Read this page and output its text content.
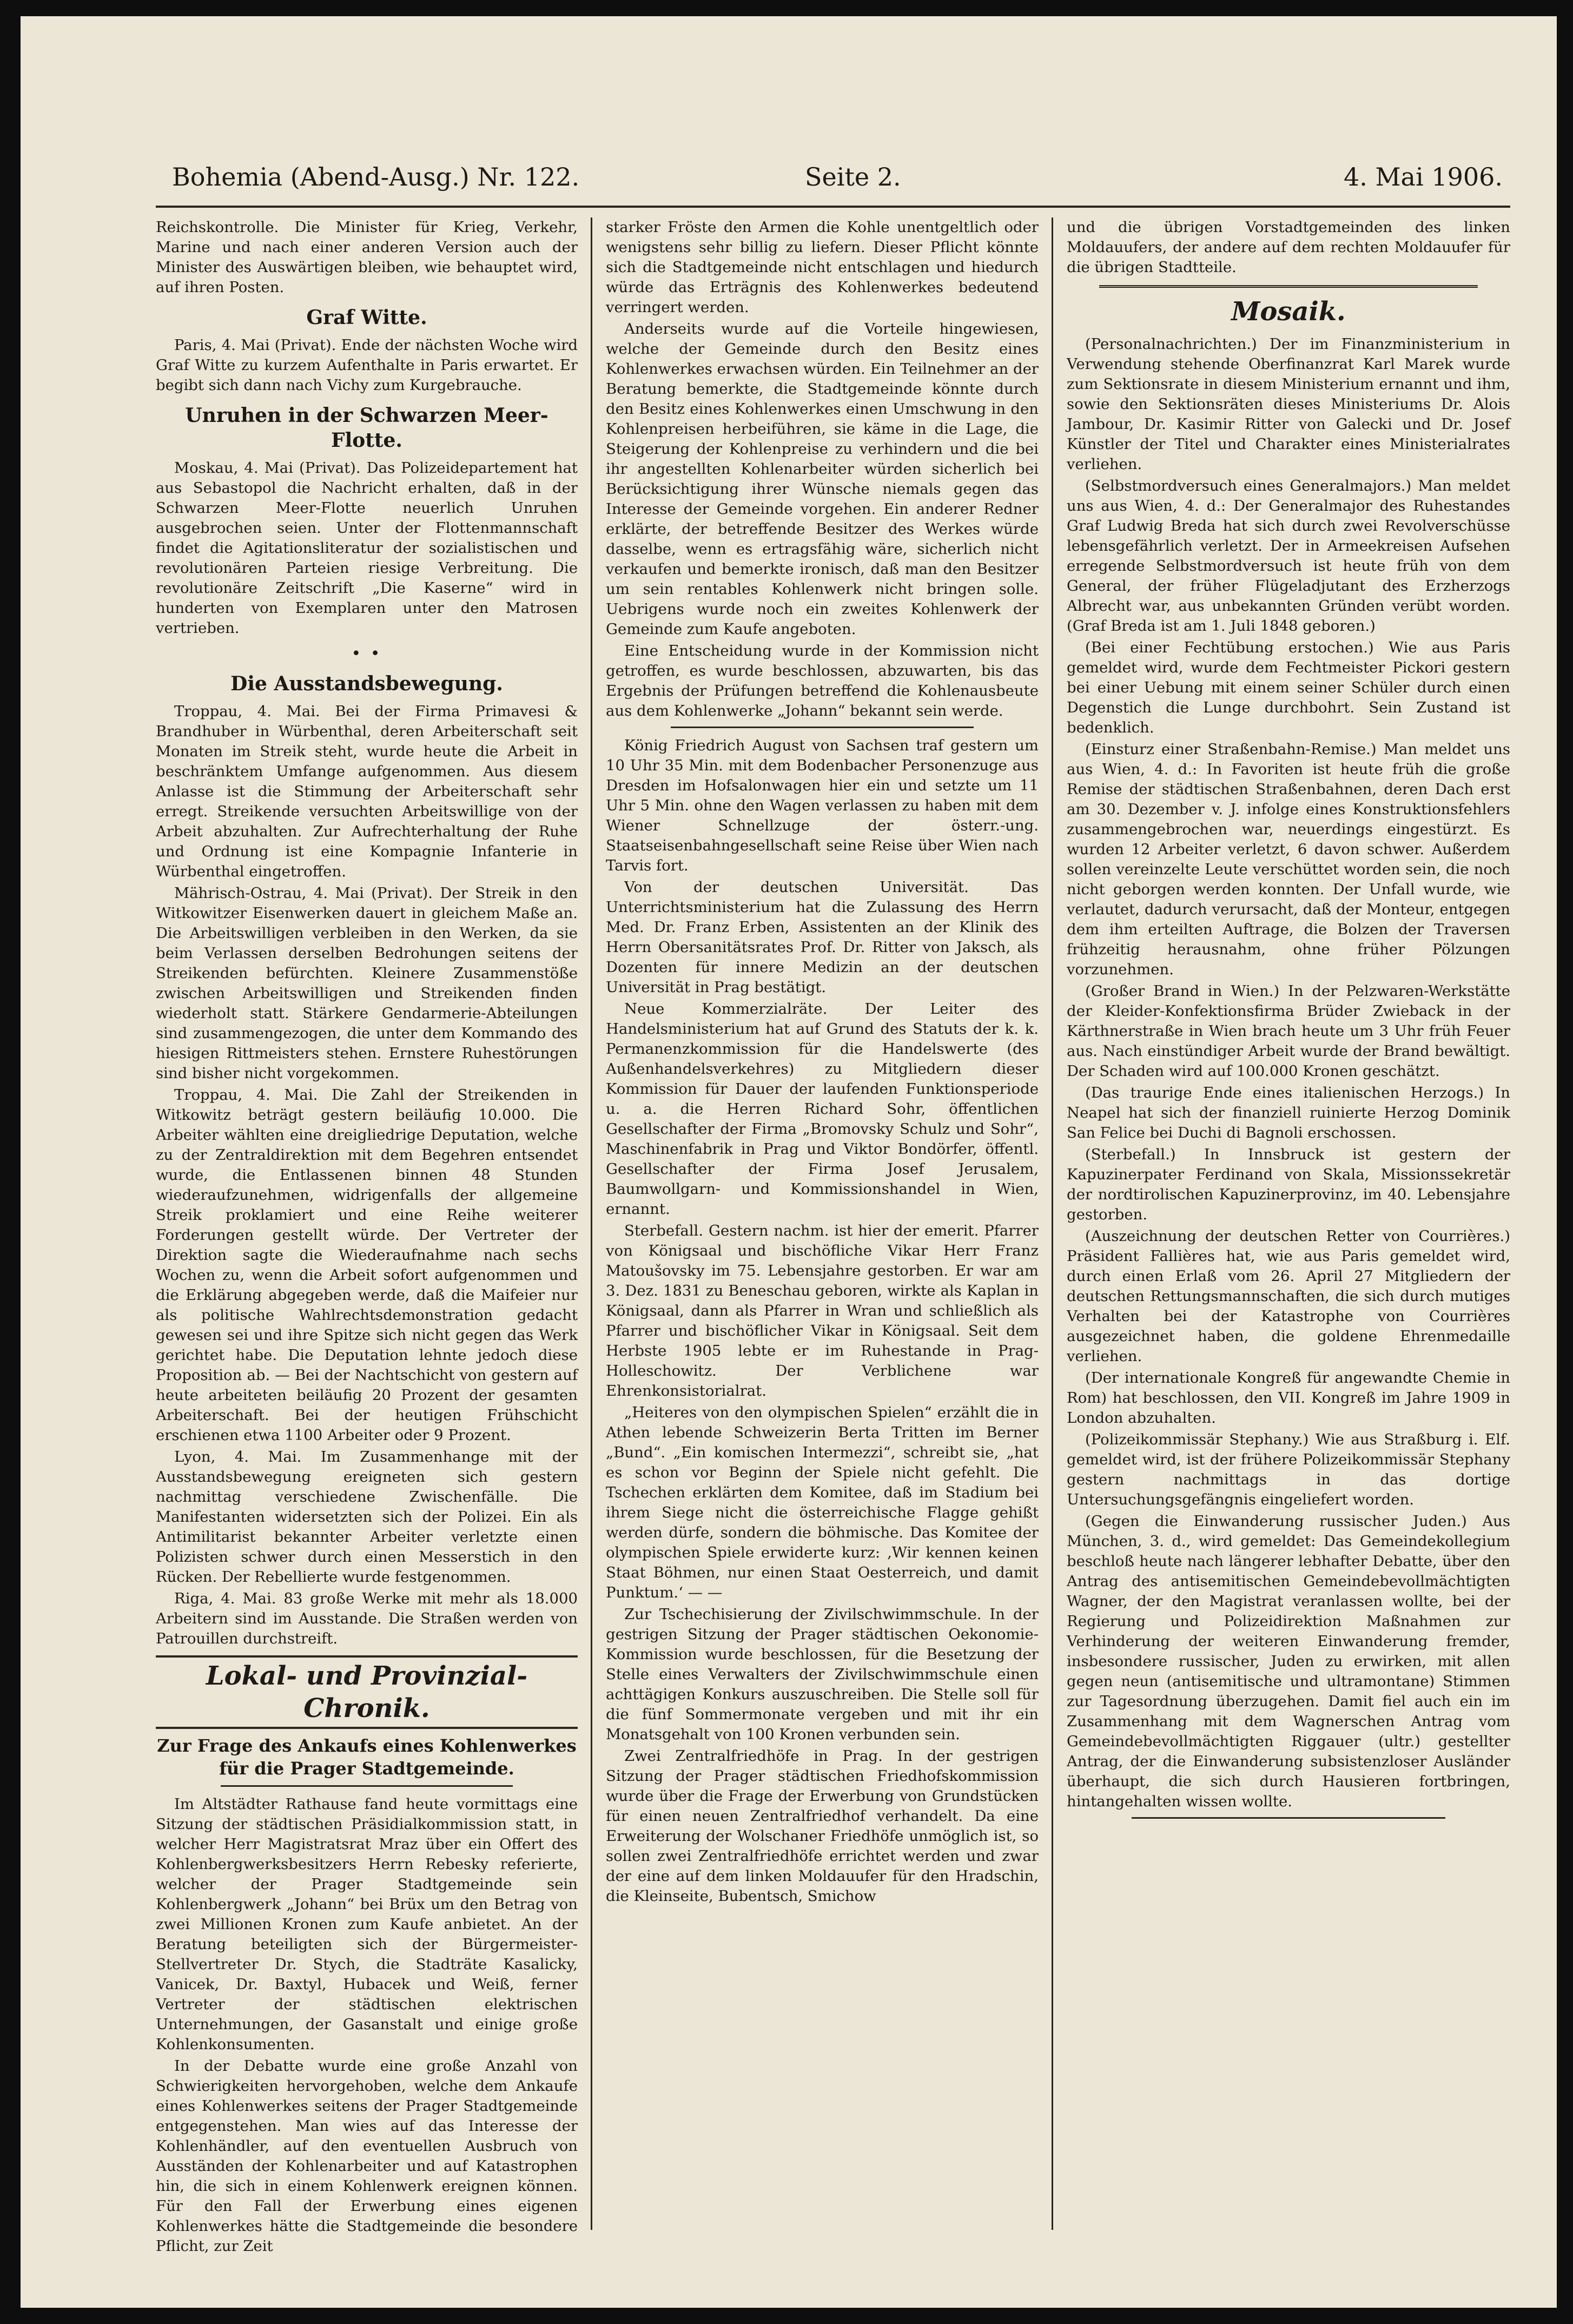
Bohemia (Abend-Ausg.) Nr. 122.	Seite 2.	4. Mai 1906.

Reichskontrolle. Die Minister für Krieg, Verkehr, Marine und nach einer anderen Version auch der Minister des Auswärtigen bleiben, wie behauptet wird, auf ihren Posten.

Graf Witte.

Paris, 4. Mai (Privat). Ende der nächsten Woche wird Graf Witte zu kurzem Aufenthalte in Paris erwartet. Er begibt sich dann nach Vichy zum Kurgebrauche.

Unruhen in der Schwarzen Meer-Flotte.

Moskau, 4. Mai (Privat). Das Polizeidepartement hat aus Sebastopol die Nachricht erhalten, daß in der Schwarzen Meer-Flotte neuerlich Unruhen ausgebrochen seien. Unter der Flottenmannschaft findet die Agitationsliteratur der sozialistischen und revolutionären Parteien riesige Verbreitung. Die revolutionäre Zeitschrift „Die Kaserne“ wird in hunderten von Exemplaren unter den Matrosen vertrieben.

• •
Die Ausstandsbewegung.

Troppau, 4. Mai. Bei der Firma Primavesi & Brandhuber in Würbenthal, deren Arbeiterschaft seit Monaten im Streik steht, wurde heute die Arbeit in beschränktem Umfange aufgenommen. Aus diesem Anlasse ist die Stimmung der Arbeiterschaft sehr erregt. Streikende versuchten Arbeitswillige von der Arbeit abzuhalten. Zur Aufrechterhaltung der Ruhe und Ordnung ist eine Kompagnie Infanterie in Würbenthal eingetroffen.

Mährisch-Ostrau, 4. Mai (Privat). Der Streik in den Witkowitzer Eisenwerken dauert in gleichem Maße an. Die Arbeitswilligen verbleiben in den Werken, da sie beim Verlassen derselben Bedrohungen seitens der Streikenden befürchten. Kleinere Zusammenstöße zwischen Arbeitswilligen und Streikenden finden wiederholt statt. Stärkere Gendarmerie-Abteilungen sind zusammengezogen, die unter dem Kommando des hiesigen Rittmeisters stehen. Ernstere Ruhestörungen sind bisher nicht vorgekommen.

Troppau, 4. Mai. Die Zahl der Streikenden in Witkowitz beträgt gestern beiläufig 10.000. Die Arbeiter wählten eine dreigliedrige Deputation, welche zu der Zentraldirektion mit dem Begehren entsendet wurde, die Entlassenen binnen 48 Stunden wiederaufzunehmen, widrigenfalls der allgemeine Streik proklamiert und eine Reihe weiterer Forderungen gestellt würde. Der Vertreter der Direktion sagte die Wiederaufnahme nach sechs Wochen zu, wenn die Arbeit sofort aufgenommen und die Erklärung abgegeben werde, daß die Maifeier nur als politische Wahlrechtsdemonstration gedacht gewesen sei und ihre Spitze sich nicht gegen das Werk gerichtet habe. Die Deputation lehnte jedoch diese Proposition ab. — Bei der Nachtschicht von gestern auf heute arbeiteten beiläufig 20 Prozent der gesamten Arbeiterschaft. Bei der heutigen Frühschicht erschienen etwa 1100 Arbeiter oder 9 Prozent.

Lyon, 4. Mai. Im Zusammenhange mit der Ausstandsbewegung ereigneten sich gestern nachmittag verschiedene Zwischenfälle. Die Manifestanten widersetzten sich der Polizei. Ein als Antimilitarist bekannter Arbeiter verletzte einen Polizisten schwer durch einen Messerstich in den Rücken. Der Rebellierte wurde festgenommen.

Riga, 4. Mai. 83 große Werke mit mehr als 18.000 Arbeitern sind im Ausstande. Die Straßen werden von Patrouillen durchstreift.

Lokal- und Provinzial-Chronik.
Zur Frage des Ankaufs eines Kohlenwerkes für die Prager Stadtgemeinde.

Im Altstädter Rathause fand heute vormittags eine Sitzung der städtischen Präsidialkommission statt, in welcher Herr Magistratsrat Mraz über ein Offert des Kohlenbergwerksbesitzers Herrn Rebesky referierte, welcher der Prager Stadtgemeinde sein Kohlenbergwerk „Johann“ bei Brüx um den Betrag von zwei Millionen Kronen zum Kaufe anbietet. An der Beratung beteiligten sich der Bürgermeister-Stellvertreter Dr. Stych, die Stadträte Kasalicky, Vanicek, Dr. Baxtyl, Hubacek und Weiß, ferner Vertreter der städtischen elektrischen Unternehmungen, der Gasanstalt und einige große Kohlenkonsumenten.

In der Debatte wurde eine große Anzahl von Schwierigkeiten hervorgehoben, welche dem Ankaufe eines Kohlenwerkes seitens der Prager Stadtgemeinde entgegenstehen. Man wies auf das Interesse der Kohlenhändler, auf den eventuellen Ausbruch von Ausständen der Kohlenarbeiter und auf Katastrophen hin, die sich in einem Kohlenwerk ereignen können. Für den Fall der Erwerbung eines eigenen Kohlenwerkes hätte die Stadtgemeinde die besondere Pflicht, zur Zeit

starker Fröste den Armen die Kohle unentgeltlich oder wenigstens sehr billig zu liefern. Dieser Pflicht könnte sich die Stadtgemeinde nicht entschlagen und hiedurch würde das Erträgnis des Kohlenwerkes bedeutend verringert werden.

Anderseits wurde auf die Vorteile hingewiesen, welche der Gemeinde durch den Besitz eines Kohlenwerkes erwachsen würden. Ein Teilnehmer an der Beratung bemerkte, die Stadtgemeinde könnte durch den Besitz eines Kohlenwerkes einen Umschwung in den Kohlenpreisen herbeiführen, sie käme in die Lage, die Steigerung der Kohlenpreise zu verhindern und die bei ihr angestellten Kohlenarbeiter würden sicherlich bei Berücksichtigung ihrer Wünsche niemals gegen das Interesse der Gemeinde vorgehen. Ein anderer Redner erklärte, der betreffende Besitzer des Werkes würde dasselbe, wenn es ertragsfähig wäre, sicherlich nicht verkaufen und bemerkte ironisch, daß man den Besitzer um sein rentables Kohlenwerk nicht bringen solle. Uebrigens wurde noch ein zweites Kohlenwerk der Gemeinde zum Kaufe angeboten.

Eine Entscheidung wurde in der Kommission nicht getroffen, es wurde beschlossen, abzuwarten, bis das Ergebnis der Prüfungen betreffend die Kohlenausbeute aus dem Kohlenwerke „Johann“ bekannt sein werde.

König Friedrich August von Sachsen traf gestern um 10 Uhr 35 Min. mit dem Bodenbacher Personenzuge aus Dresden im Hofsalonwagen hier ein und setzte um 11 Uhr 5 Min. ohne den Wagen verlassen zu haben mit dem Wiener Schnellzuge der österr.-ung. Staatseisenbahngesellschaft seine Reise über Wien nach Tarvis fort.

Von der deutschen Universität. Das Unterrichtsministerium hat die Zulassung des Herrn Med. Dr. Franz Erben, Assistenten an der Klinik des Herrn Obersanitätsrates Prof. Dr. Ritter von Jaksch, als Dozenten für innere Medizin an der deutschen Universität in Prag bestätigt.

Neue Kommerzialräte. Der Leiter des Handelsministerium hat auf Grund des Statuts der k. k. Permanenzkommission für die Handelswerte (des Außenhandelsverkehres) zu Mitgliedern dieser Kommission für Dauer der laufenden Funktionsperiode u. a. die Herren Richard Sohr, öffentlichen Gesellschafter der Firma „Bromovsky Schulz und Sohr“, Maschinenfabrik in Prag und Viktor Bondörfer, öffentl. Gesellschafter der Firma Josef Jerusalem, Baumwollgarn- und Kommissionshandel in Wien, ernannt.

Sterbefall. Gestern nachm. ist hier der emerit. Pfarrer von Königsaal und bischöfliche Vikar Herr Franz Matoušovsky im 75. Lebensjahre gestorben. Er war am 3. Dez. 1831 zu Beneschau geboren, wirkte als Kaplan in Königsaal, dann als Pfarrer in Wran und schließlich als Pfarrer und bischöflicher Vikar in Königsaal. Seit dem Herbste 1905 lebte er im Ruhestande in Prag-Holleschowitz. Der Verblichene war Ehrenkonsistorialrat.

„Heiteres von den olympischen Spielen“ erzählt die in Athen lebende Schweizerin Berta Tritten im Berner „Bund“. „Ein komischen Intermezzi“, schreibt sie, „hat es schon vor Beginn der Spiele nicht gefehlt. Die Tschechen erklärten dem Komitee, daß im Stadium bei ihrem Siege nicht die österreichische Flagge gehißt werden dürfe, sondern die böhmische. Das Komitee der olympischen Spiele erwiderte kurz: ‚Wir kennen keinen Staat Böhmen, nur einen Staat Oesterreich, und damit Punktum.‘ — —

Zur Tschechisierung der Zivilschwimmschule. In der gestrigen Sitzung der Prager städtischen Oekonomie-Kommission wurde beschlossen, für die Besetzung der Stelle eines Verwalters der Zivilschwimmschule einen achttägigen Konkurs auszuschreiben. Die Stelle soll für die fünf Sommermonate vergeben und mit ihr ein Monatsgehalt von 100 Kronen verbunden sein.

Zwei Zentralfriedhöfe in Prag. In der gestrigen Sitzung der Prager städtischen Friedhofskommission wurde über die Frage der Erwerbung von Grundstücken für einen neuen Zentralfriedhof verhandelt. Da eine Erweiterung der Wolschaner Friedhöfe unmöglich ist, so sollen zwei Zentralfriedhöfe errichtet werden und zwar der eine auf dem linken Moldauufer für den Hradschin, die Kleinseite, Bubentsch, Smichow

und die übrigen Vorstadtgemeinden des linken Moldauufers, der andere auf dem rechten Moldauufer für die übrigen Stadtteile.

Mosaik.

(Personalnachrichten.) Der im Finanzministerium in Verwendung stehende Oberfinanzrat Karl Marek wurde zum Sektionsrate in diesem Ministerium ernannt und ihm, sowie den Sektionsräten dieses Ministeriums Dr. Alois Jambour, Dr. Kasimir Ritter von Galecki und Dr. Josef Künstler der Titel und Charakter eines Ministerialrates verliehen.

(Selbstmordversuch eines Generalmajors.) Man meldet uns aus Wien, 4. d.: Der Generalmajor des Ruhestandes Graf Ludwig Breda hat sich durch zwei Revolverschüsse lebensgefährlich verletzt. Der in Armeekreisen Aufsehen erregende Selbstmordversuch ist heute früh von dem General, der früher Flügeladjutant des Erzherzogs Albrecht war, aus unbekannten Gründen verübt worden. (Graf Breda ist am 1. Juli 1848 geboren.)

(Bei einer Fechtübung erstochen.) Wie aus Paris gemeldet wird, wurde dem Fechtmeister Pickori gestern bei einer Uebung mit einem seiner Schüler durch einen Degenstich die Lunge durchbohrt. Sein Zustand ist bedenklich.

(Einsturz einer Straßenbahn-Remise.) Man meldet uns aus Wien, 4. d.: In Favoriten ist heute früh die große Remise der städtischen Straßenbahnen, deren Dach erst am 30. Dezember v. J. infolge eines Konstruktionsfehlers zusammengebrochen war, neuerdings eingestürzt. Es wurden 12 Arbeiter verletzt, 6 davon schwer. Außerdem sollen vereinzelte Leute verschüttet worden sein, die noch nicht geborgen werden konnten. Der Unfall wurde, wie verlautet, dadurch verursacht, daß der Monteur, entgegen dem ihm erteilten Auftrage, die Bolzen der Traversen frühzeitig herausnahm, ohne früher Pölzungen vorzunehmen.

(Großer Brand in Wien.) In der Pelzwaren-Werkstätte der Kleider-Konfektionsfirma Brüder Zwieback in der Kärthnerstraße in Wien brach heute um 3 Uhr früh Feuer aus. Nach einstündiger Arbeit wurde der Brand bewältigt. Der Schaden wird auf 100.000 Kronen geschätzt.

(Das traurige Ende eines italienischen Herzogs.) In Neapel hat sich der finanziell ruinierte Herzog Dominik San Felice bei Duchi di Bagnoli erschossen.

(Sterbefall.) In Innsbruck ist gestern der Kapuzinerpater Ferdinand von Skala, Missionssekretär der nordtirolischen Kapuzinerprovinz, im 40. Lebensjahre gestorben.

(Auszeichnung der deutschen Retter von Courrières.) Präsident Fallières hat, wie aus Paris gemeldet wird, durch einen Erlaß vom 26. April 27 Mitgliedern der deutschen Rettungsmannschaften, die sich durch mutiges Verhalten bei der Katastrophe von Courrières ausgezeichnet haben, die goldene Ehrenmedaille verliehen.

(Der internationale Kongreß für angewandte Chemie in Rom) hat beschlossen, den VII. Kongreß im Jahre 1909 in London abzuhalten.

(Polizeikommissär Stephany.) Wie aus Straßburg i. Elf. gemeldet wird, ist der frühere Polizeikommissär Stephany gestern nachmittags in das dortige Untersuchungsgefängnis eingeliefert worden.

(Gegen die Einwanderung russischer Juden.) Aus München, 3. d., wird gemeldet: Das Gemeindekollegium beschloß heute nach längerer lebhafter Debatte, über den Antrag des antisemitischen Gemeindebevollmächtigten Wagner, der den Magistrat veranlassen wollte, bei der Regierung und Polizeidirektion Maßnahmen zur Verhinderung der weiteren Einwanderung fremder, insbesondere russischer, Juden zu erwirken, mit allen gegen neun (antisemitische und ultramontane) Stimmen zur Tagesordnung überzugehen. Damit fiel auch ein im Zusammenhang mit dem Wagnerschen Antrag vom Gemeindebevollmächtigten Riggauer (ultr.) gestellter Antrag, der die Einwanderung subsistenzloser Ausländer überhaupt, die sich durch Hausieren fortbringen, hintangehalten wissen wollte.
